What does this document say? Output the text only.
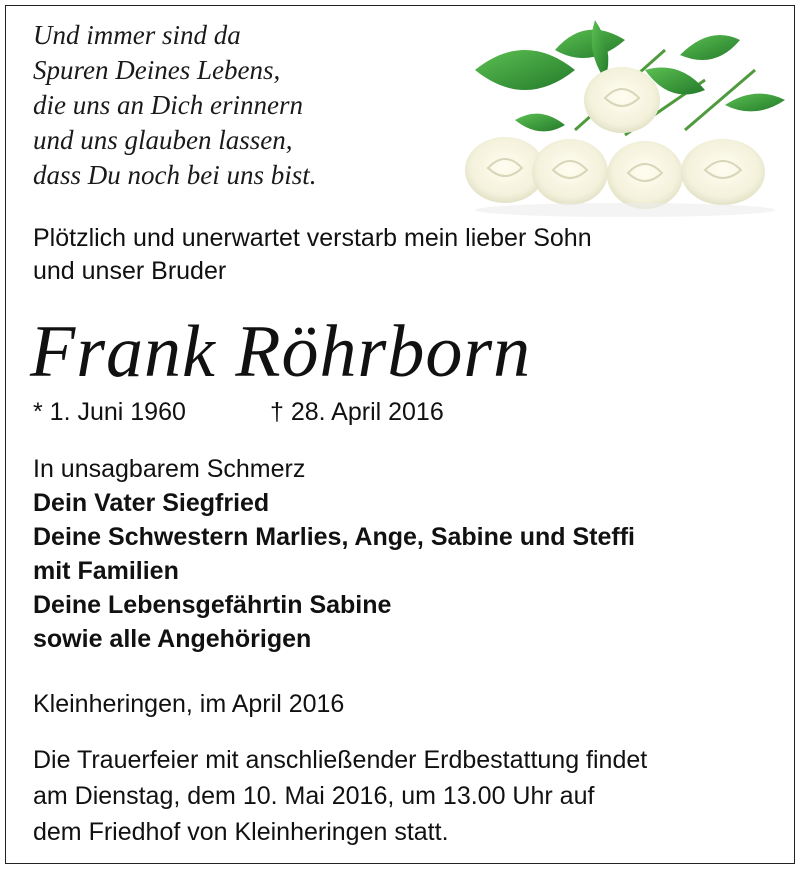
Und immer sind da
Spuren Deines Lebens,
die uns an Dich erinnern
und uns glauben lassen,
dass Du noch bei uns bist.
Plötzlich und unerwartet verstarb mein lieber Sohn
und unser Bruder
Frank Röhrborn
* 1. Juni 1960	† 28. April 2016
In unsagbarem Schmerz
Dein Vater Siegfried
Deine Schwestern Marlies, Ange, Sabine und Steffi
mit Familien
Deine Lebensgefährtin Sabine
sowie alle Angehörigen
Kleinheringen, im April 2016
Die Trauerfeier mit anschließender Erdbestattung findet
am Dienstag, dem 10. Mai 2016, um 13.00 Uhr auf
dem Friedhof von Kleinheringen statt.
